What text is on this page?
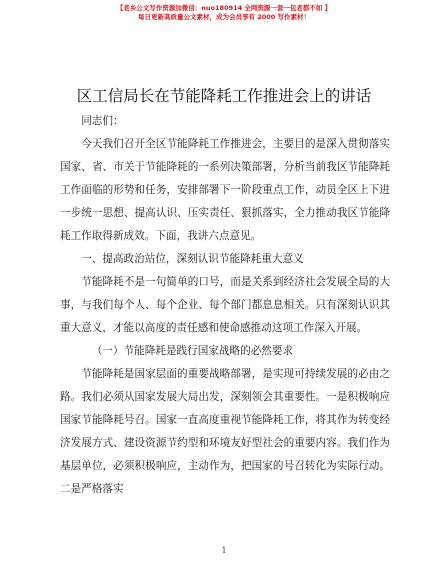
【老乡公文写作资源加微信：nuo180914 全网资源一套一包老都不如 】
每日更新高质量公文素材，成为会员享有 2000 写作素材！
区工信局长在节能降耗工作推进会上的讲话

同志们：

今天我们召开全区节能降耗工作推进会，主要目的是深入贯彻落实国家、省、市关于节能降耗的一系列决策部署，分析当前我区节能降耗工作面临的形势和任务，安排部署下一阶段重点工作，动员全区上下进一步统一思想、提高认识、压实责任、狠抓落实，全力推动我区节能降耗工作取得新成效。下面，我讲六点意见。

一、提高政治站位，深刻认识节能降耗重大意义

节能降耗不是一句简单的口号，而是关系到经济社会发展全局的大事，与我们每个人、每个企业、每个部门都息息相关。只有深刻认识其重大意义，才能以高度的责任感和使命感推动这项工作深入开展。

（一）节能降耗是践行国家战略的必然要求

节能降耗是国家层面的重要战略部署，是实现可持续发展的必由之路。我们必须从国家发展大局出发，深刻领会其重要性。一是积极响应国家节能降耗号召。国家一直高度重视节能降耗工作，将其作为转变经济发展方式、建设资源节约型和环境友好型社会的重要内容。我们作为基层单位，必须积极响应，主动作为，把国家的号召转化为实际行动。二是严格落实

1
